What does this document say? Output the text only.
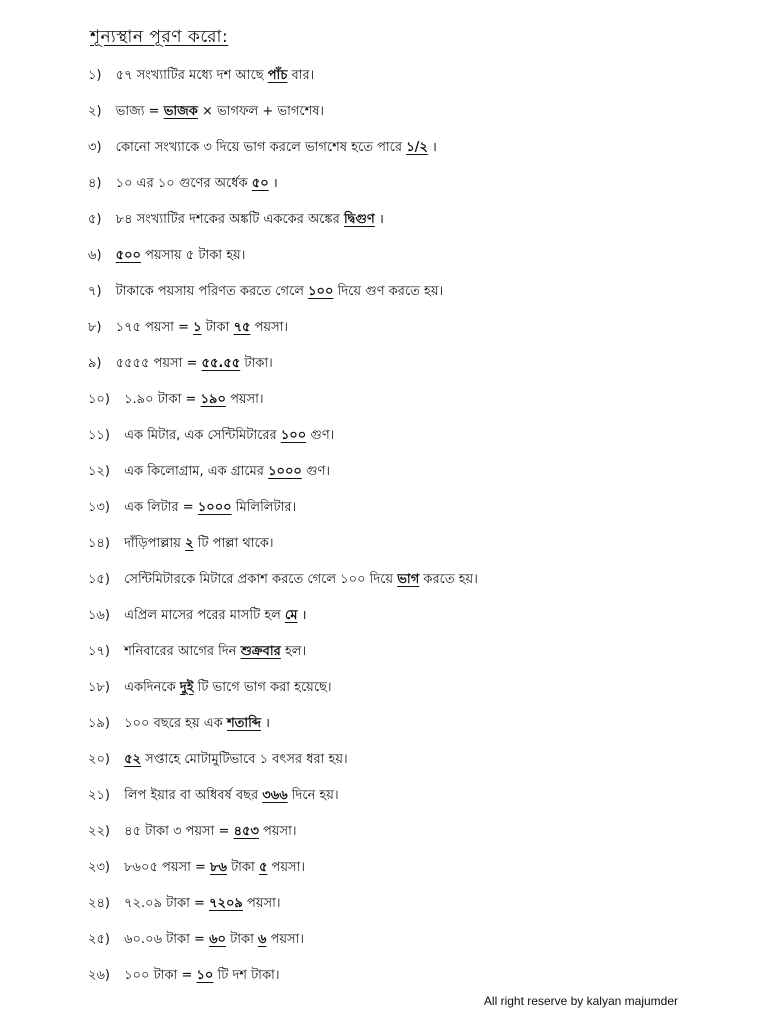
শূন্যস্থান পূরণ করো:
১) ৫৭ সংখ্যাটির মধ্যে দশ আছে পাঁচ বার।
২) ভাজ্য = ভাজক × ভাগফল + ভাগশেষ।
৩) কোনো সংখ্যাকে ৩ দিয়ে ভাগ করলে ভাগশেষ হতে পারে ১/২ ।
৪) ১০ এর ১০ গুণের অর্ধেক ৫০ ।
৫) ৮৪ সংখ্যাটির দশকের অঙ্কটি এককের অঙ্কের দ্বিগুণ ।
৬) ৫০০ পয়সায় ৫ টাকা হয়।
৭) টাকাকে পয়সায় পরিণত করতে গেলে ১০০ দিয়ে গুণ করতে হয়।
৮) ১৭৫ পয়সা = ১ টাকা ৭৫ পয়সা।
৯) ৫৫৫৫ পয়সা = ৫৫.৫৫ টাকা।
১০) ১.৯০ টাকা = ১৯০ পয়সা।
১১) এক মিটার, এক সেন্টিমিটারের ১০০ গুণ।
১২) এক কিলোগ্রাম, এক গ্রামের ১০০০ গুণ।
১৩) এক লিটার = ১০০০ মিলিলিটার।
১৪) দাঁড়িপাল্লায় ২ টি পাল্লা থাকে।
১৫) সেন্টিমিটারকে মিটারে প্রকাশ করতে গেলে ১০০ দিয়ে ভাগ করতে হয়।
১৬) এপ্রিল মাসের পরের মাসটি হল মে ।
১৭) শনিবারের আগের দিন শুক্রবার হল।
১৮) একদিনকে দুই টি ভাগে ভাগ করা হয়েছে।
১৯) ১০০ বছরে হয় এক শতাব্দি ।
২০) ৫২ সপ্তাহে মোটামুটিভাবে ১ বৎসর ধরা হয়।
২১) লিপ ইয়ার বা অধিবর্ষ বছর ৩৬৬ দিনে হয়।
২২) ৪৫ টাকা ৩ পয়সা = ৪৫৩ পয়সা।
২৩) ৮৬০৫ পয়সা = ৮৬ টাকা ৫ পয়সা।
২৪) ৭২.০৯ টাকা = ৭২০৯ পয়সা।
২৫) ৬০.০৬ টাকা = ৬০ টাকা ৬ পয়সা।
২৬) ১০০ টাকা = ১০ টি দশ টাকা।
All right reserve by kalyan majumder
